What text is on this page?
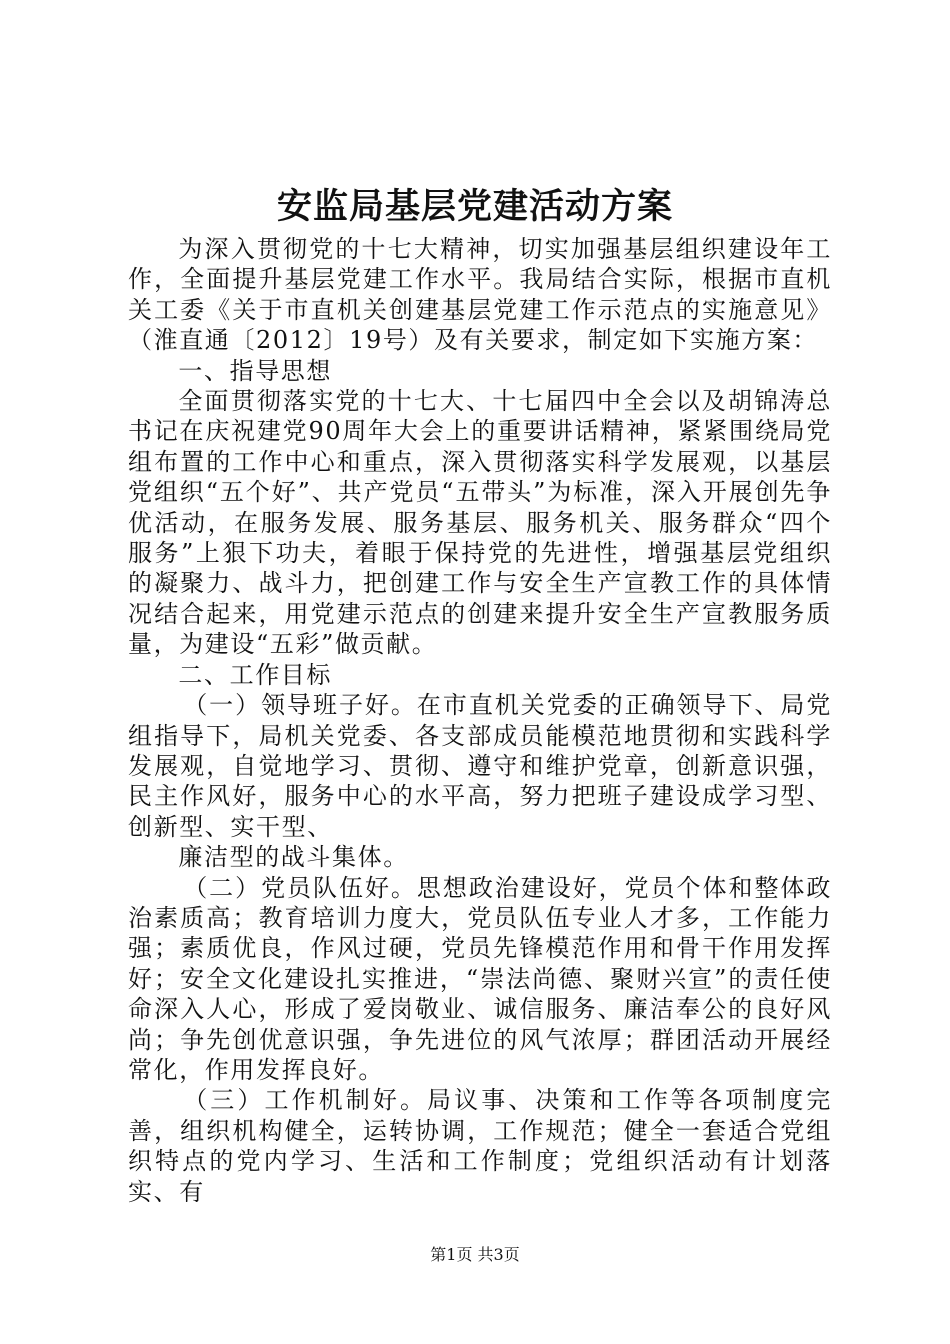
安监局基层党建活动方案

为深入贯彻党的十七大精神，切实加强基层组织建设年工作，全面提升基层党建工作水平。我局结合实际，根据市直机关工委《关于市直机关创建基层党建工作示范点的实施意见》（淮直通〔2012〕19号）及有关要求，制定如下实施方案：

一、指导思想

全面贯彻落实党的十七大、十七届四中全会以及胡锦涛总书记在庆祝建党90周年大会上的重要讲话精神，紧紧围绕局党组布置的工作中心和重点，深入贯彻落实科学发展观，以基层党组织“五个好”、共产党员“五带头”为标准，深入开展创先争优活动，在服务发展、服务基层、服务机关、服务群众“四个服务”上狠下功夫，着眼于保持党的先进性，增强基层党组织的凝聚力、战斗力，把创建工作与安全生产宣教工作的具体情况结合起来，用党建示范点的创建来提升安全生产宣教服务质量，为建设“五彩”做贡献。

二、工作目标

（一）领导班子好。在市直机关党委的正确领导下、局党组指导下，局机关党委、各支部成员能模范地贯彻和实践科学发展观，自觉地学习、贯彻、遵守和维护党章，创新意识强，民主作风好，服务中心的水平高，努力把班子建设成学习型、创新型、实干型、

廉洁型的战斗集体。

（二）党员队伍好。思想政治建设好，党员个体和整体政治素质高；教育培训力度大，党员队伍专业人才多，工作能力强；素质优良，作风过硬，党员先锋模范作用和骨干作用发挥好；安全文化建设扎实推进，“崇法尚德、聚财兴宣”的责任使命深入人心，形成了爱岗敬业、诚信服务、廉洁奉公的良好风尚；争先创优意识强，争先进位的风气浓厚；群团活动开展经常化，作用发挥良好。

（三）工作机制好。局议事、决策和工作等各项制度完善，组织机构健全，运转协调，工作规范；健全一套适合党组织特点的党内学习、生活和工作制度；党组织活动有计划落实、有

第1页 共3页
